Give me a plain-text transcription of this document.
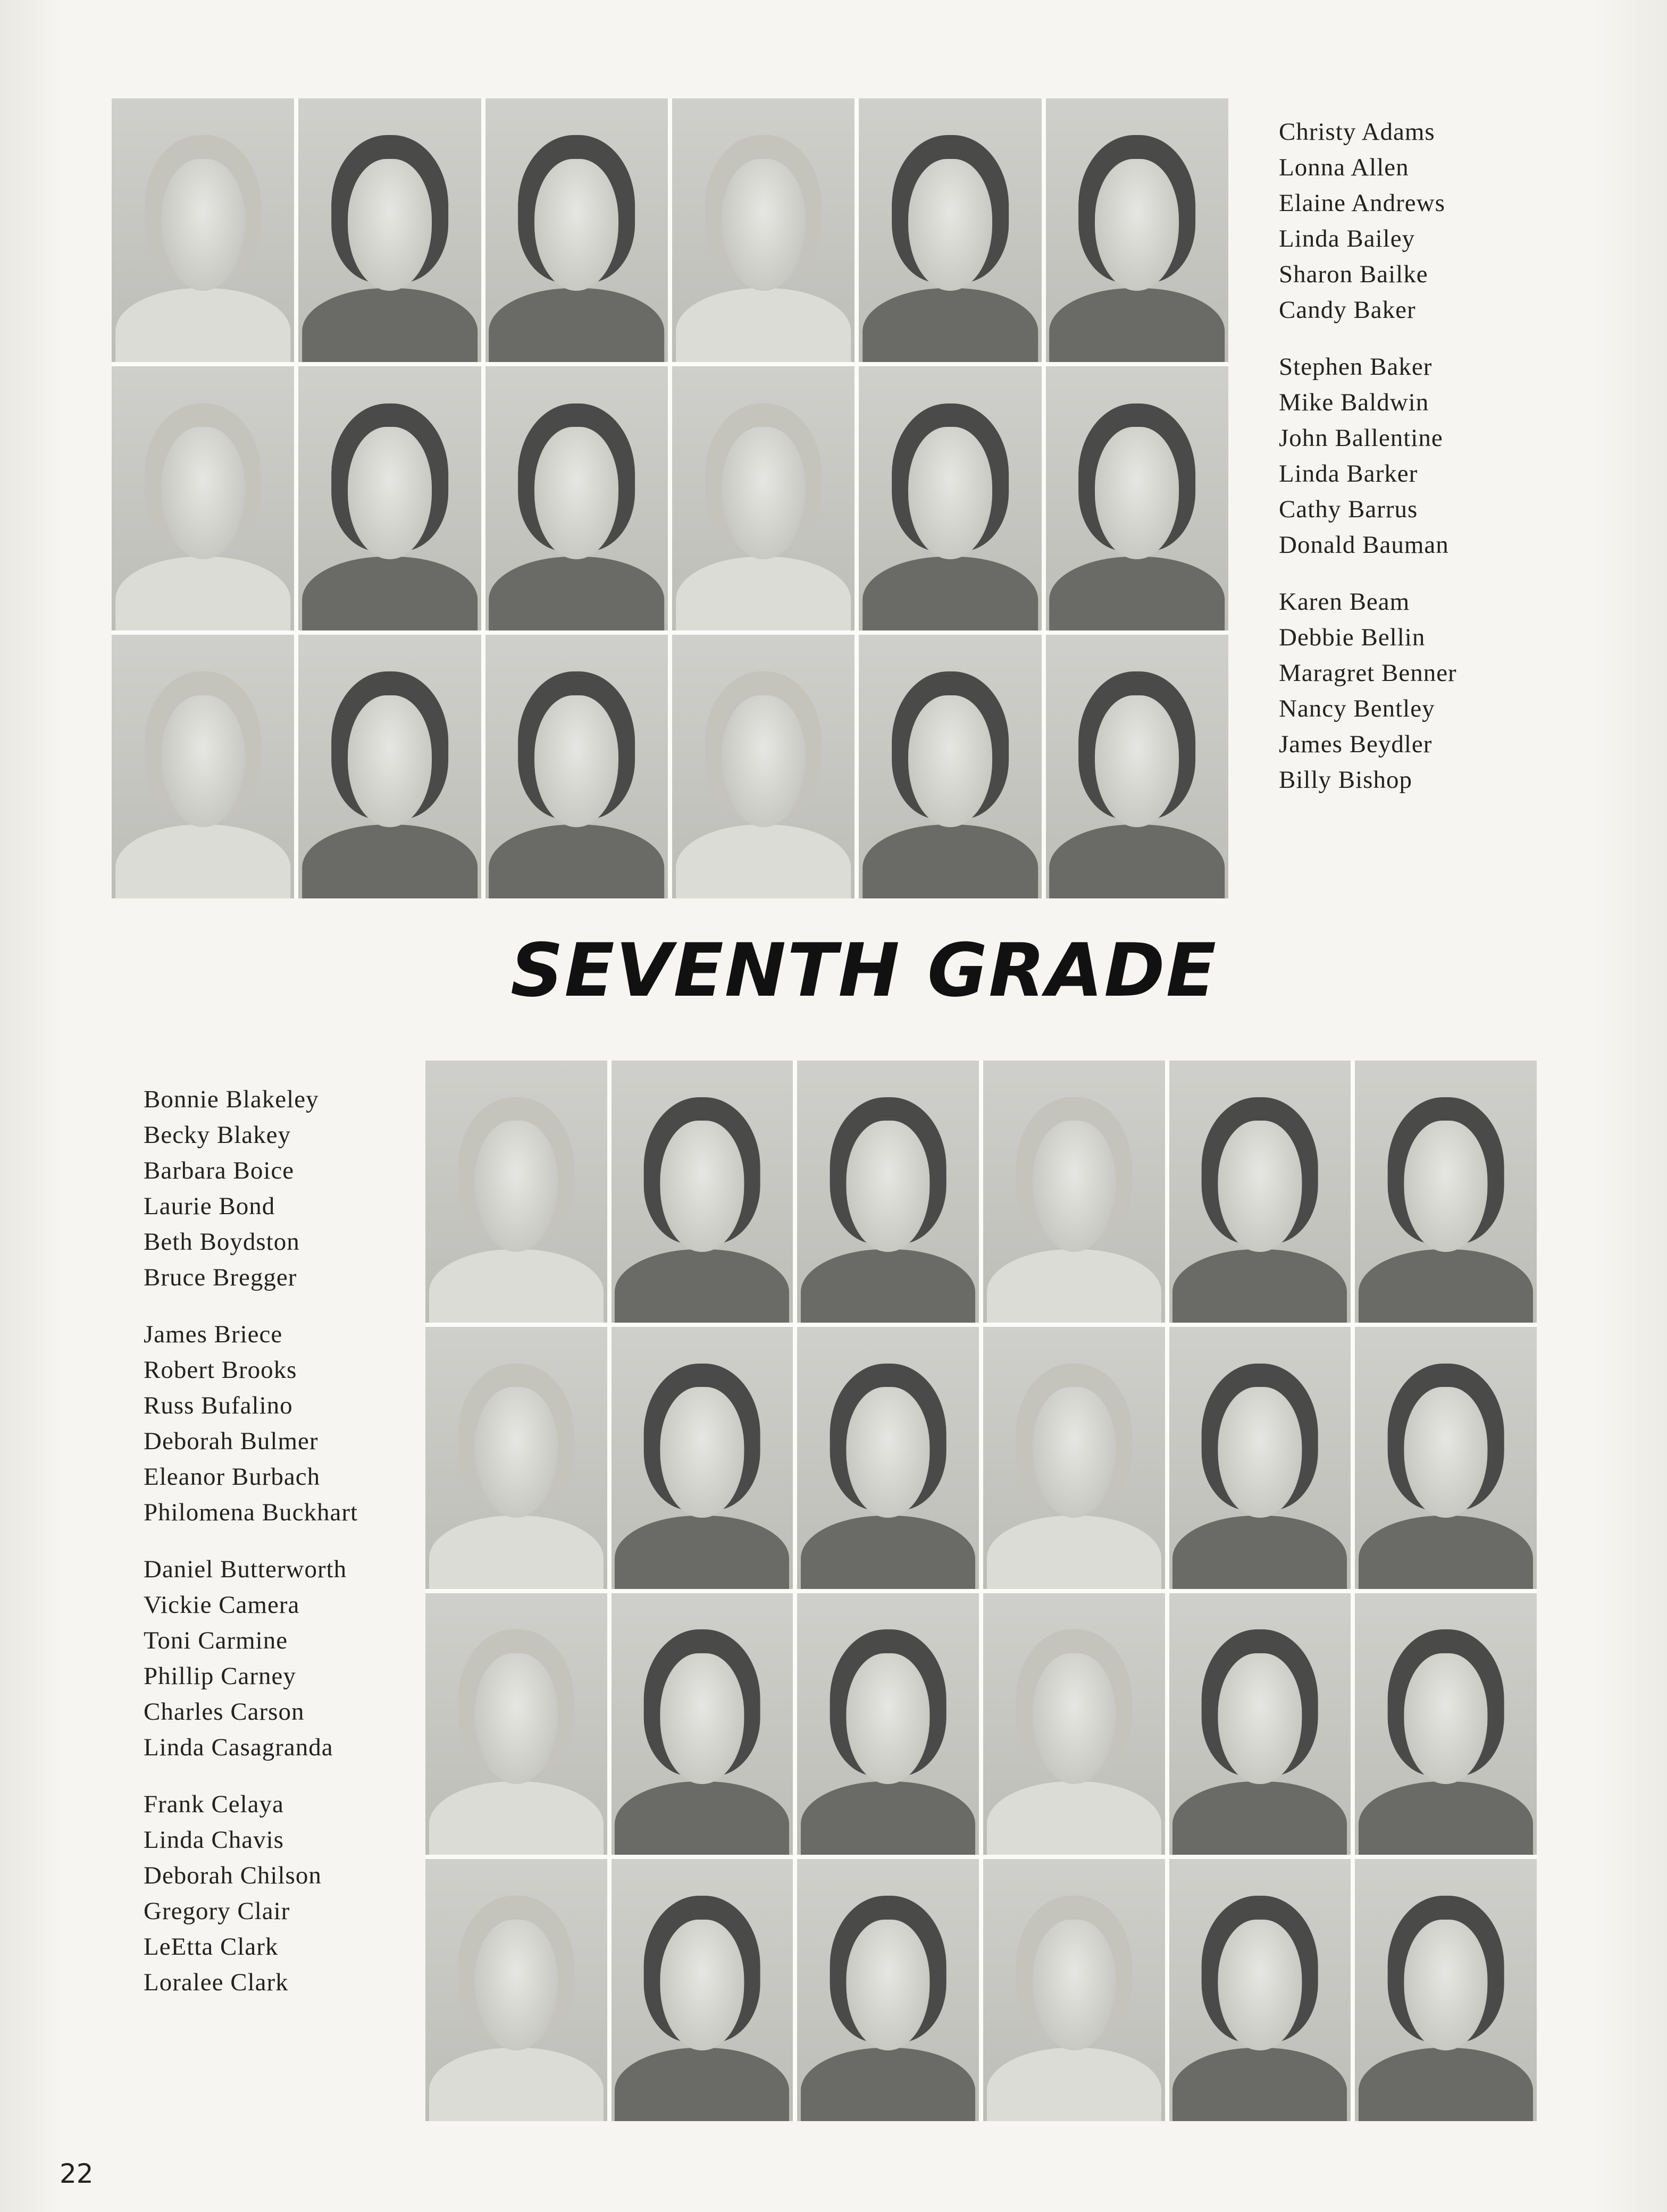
Christy Adams
Lonna Allen
Elaine Andrews
Linda Bailey
Sharon Bailke
Candy Baker
Stephen Baker
Mike Baldwin
John Ballentine
Linda Barker
Cathy Barrus
Donald Bauman
Karen Beam
Debbie Bellin
Maragret Benner
Nancy Bentley
James Beydler
Billy Bishop
SEVENTH GRADE
Bonnie Blakeley
Becky Blakey
Barbara Boice
Laurie Bond
Beth Boydston
Bruce Bregger
James Briece
Robert Brooks
Russ Bufalino
Deborah Bulmer
Eleanor Burbach
Philomena Buckhart
Daniel Butterworth
Vickie Camera
Toni Carmine
Phillip Carney
Charles Carson
Linda Casagranda
Frank Celaya
Linda Chavis
Deborah Chilson
Gregory Clair
LeEtta Clark
Loralee Clark
22
